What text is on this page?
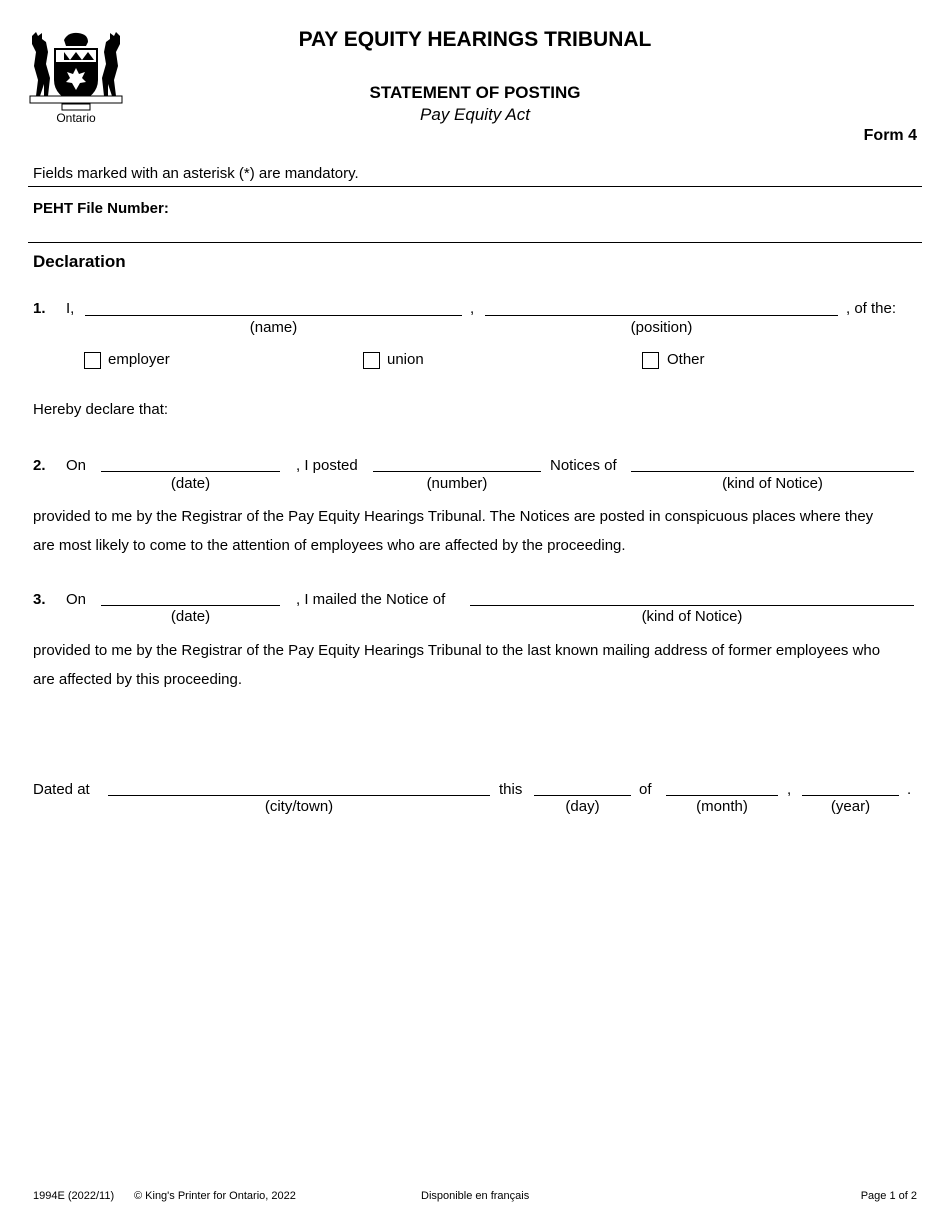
Ontario
PAY EQUITY HEARINGS TRIBUNAL
STATEMENT OF POSTING
Pay Equity Act
Form 4
Fields marked with an asterisk (*) are mandatory.
PEHT File Number:
Declaration
1. I,	,	, of the:
(name)	(position)
employer	union	Other
Hereby declare that:
2. On	, I posted	Notices of
(date)	(number)	(kind of Notice)
provided to me by the Registrar of the Pay Equity Hearings Tribunal. The Notices are posted in conspicuous places where they
are most likely to come to the attention of employees who are affected by the proceeding.
3. On	, I mailed the Notice of
(date)	(kind of Notice)
provided to me by the Registrar of the Pay Equity Hearings Tribunal to the last known mailing address of former employees who
are affected by this proceeding.
Dated at	this	of	,	.
(city/town)	(day)	(month)	(year)
1994E (2022/11) © King's Printer for Ontario, 2022	Disponible en français	Page 1 of 2
